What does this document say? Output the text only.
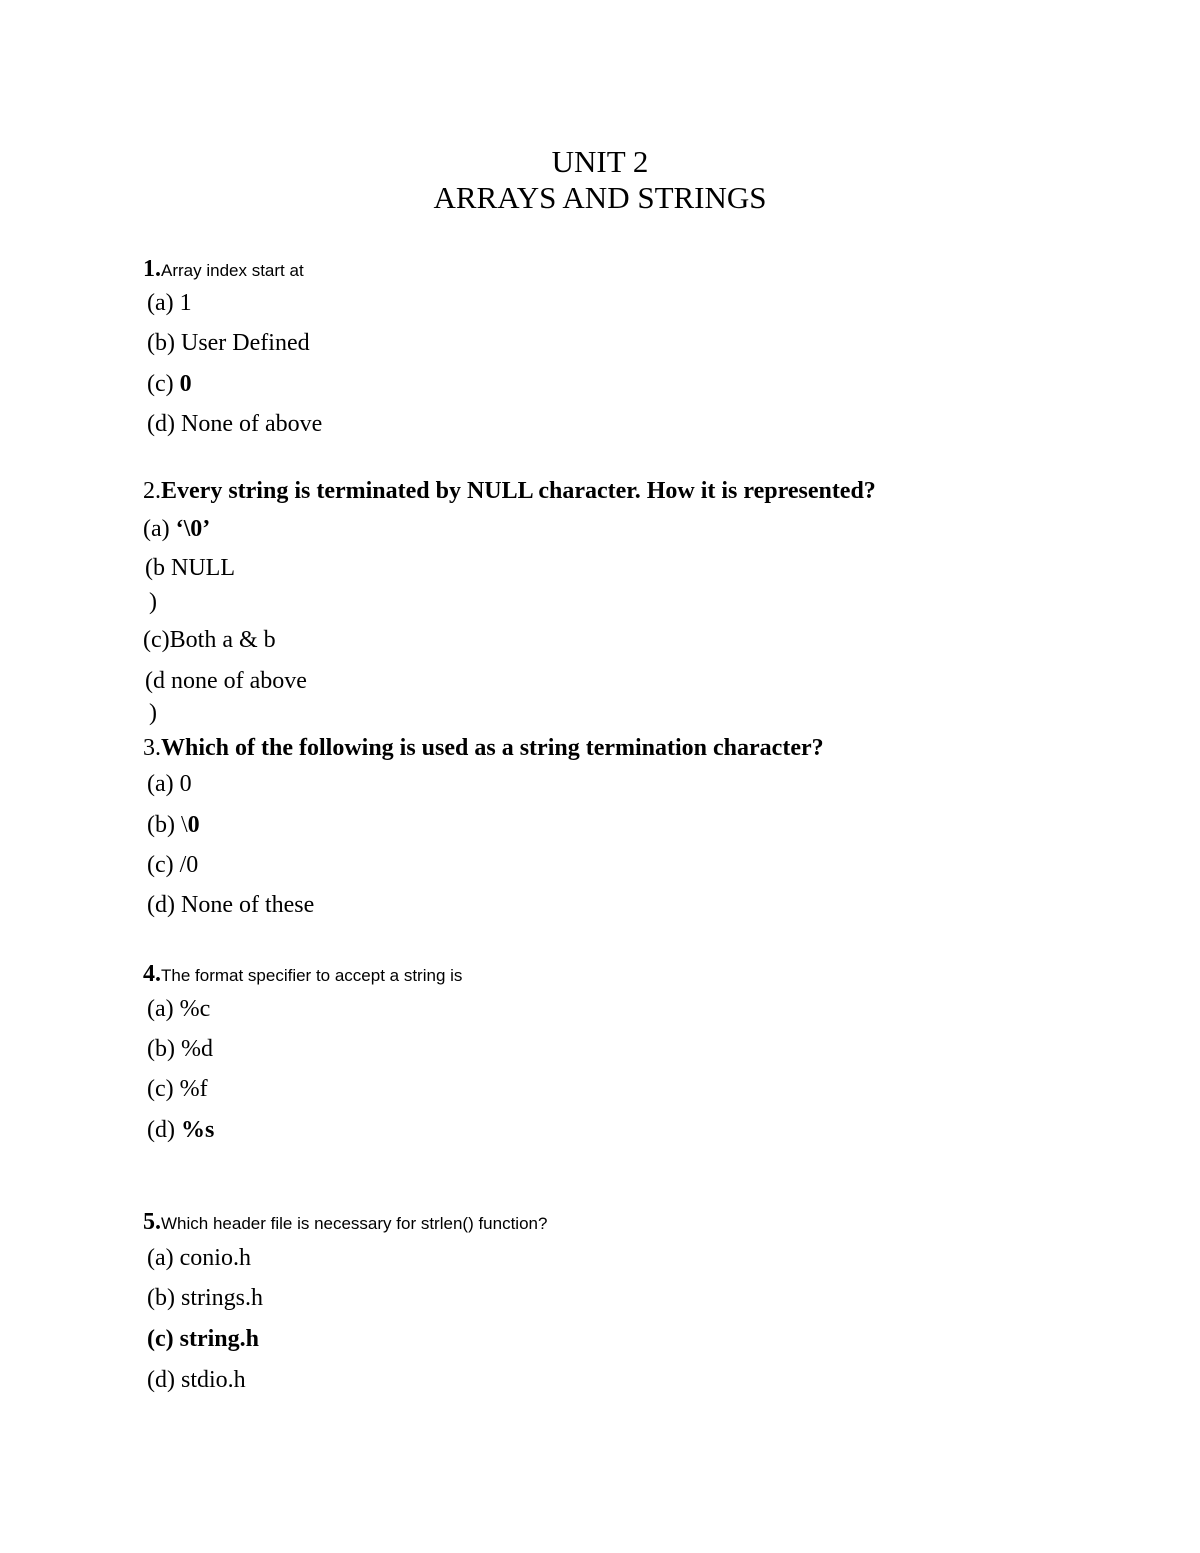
UNIT 2
ARRAYS AND STRINGS
1.Array index start at
(a) 1
(b) User Defined
(c) 0
(d) None of above
2.Every string is terminated by NULL character. How it is represented?
(a) ‘\0’
(b NULL
)
(c)Both a & b
(d none of above
)
3.Which of the following is used as a string termination character?
(a) 0
(b) \0
(c) /0
(d) None of these
4.The format specifier to accept a string is
(a) %c
(b) %d
(c) %f
(d) %s
5.Which header file is necessary for strlen() function?
(a) conio.h
(b) strings.h
(c) string.h
(d) stdio.h
